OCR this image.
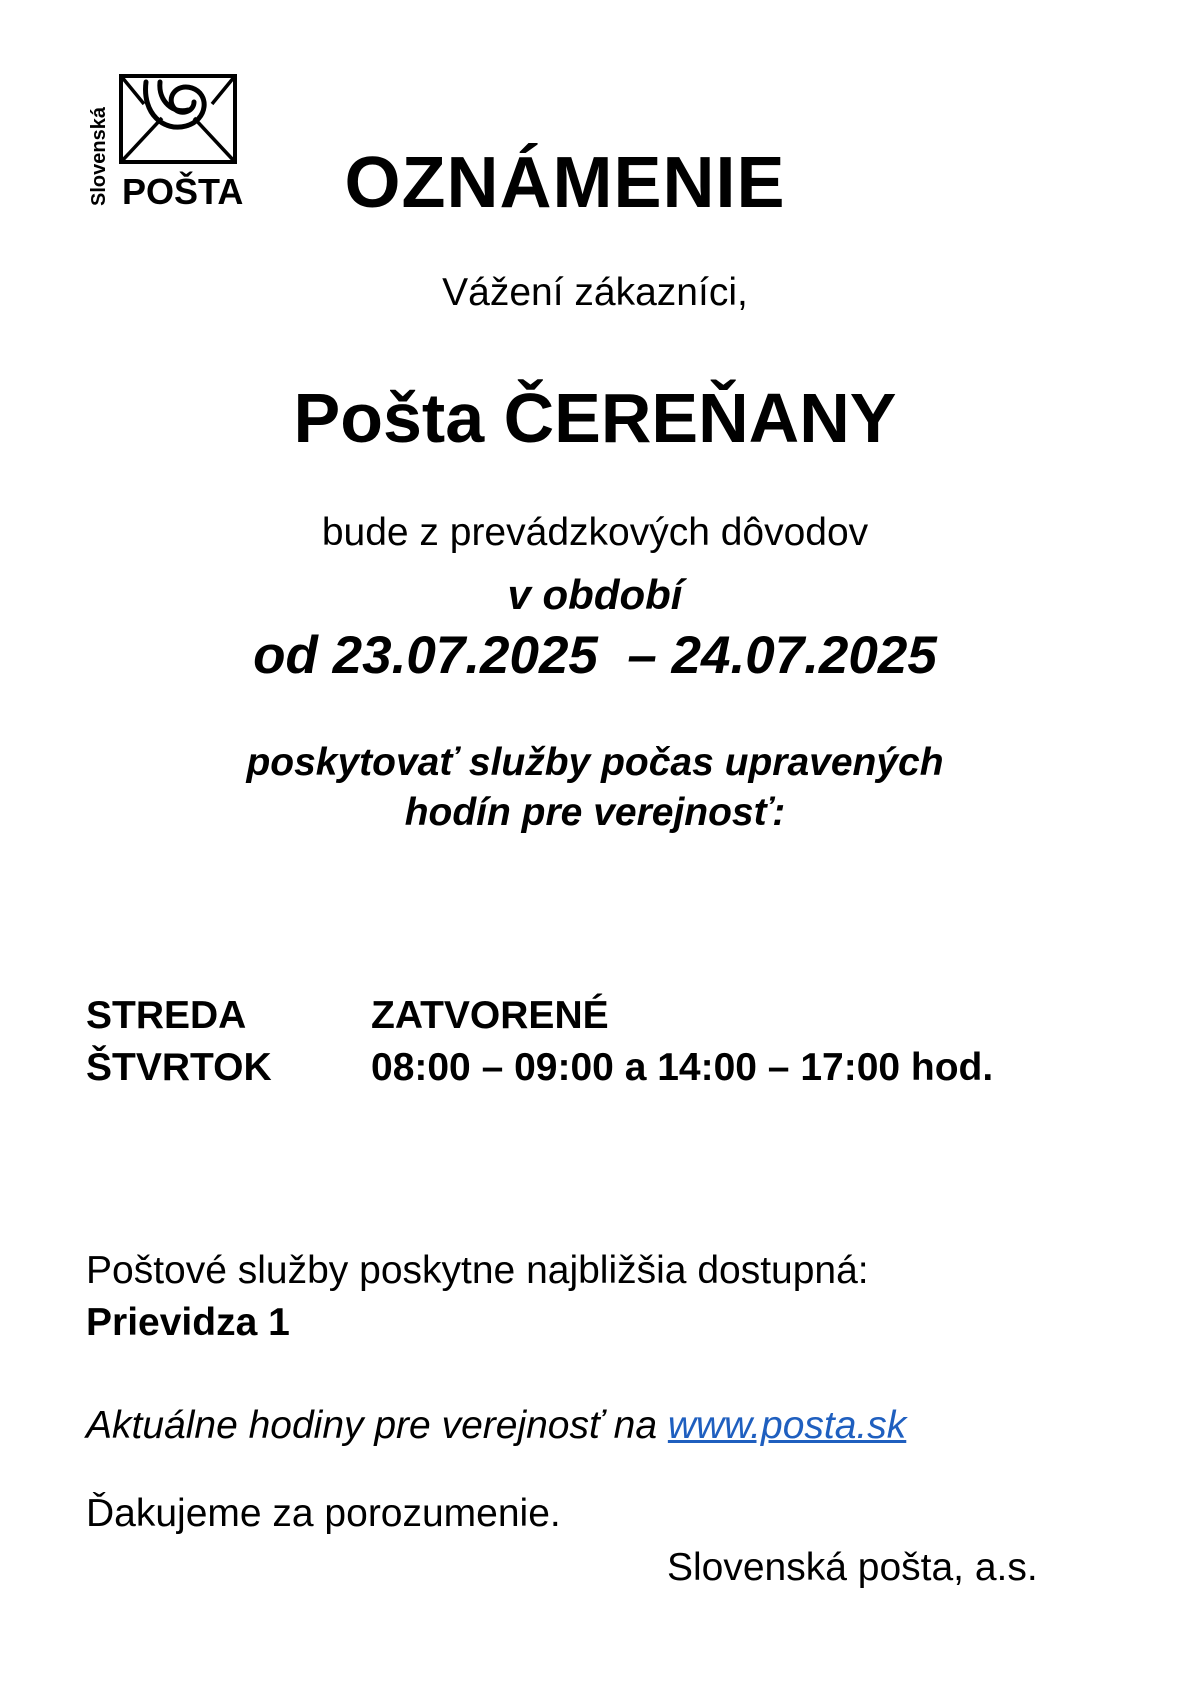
Slovenská POŠTA	OZNÁMENIE
Vážení zákazníci,
Pošta ČEREŇANY
bude z prevádzkových dôvodov
v období
od 23.07.2025  – 24.07.2025
poskytovať služby počas upravených
hodín pre verejnosť:
STREDA	ZATVORENÉ
ŠTVRTOK	08:00 – 09:00 a 14:00 – 17:00 hod.
Poštové služby poskytne najbližšia dostupná:
Prievidza 1
Aktuálne hodiny pre verejnosť na www.posta.sk
Ďakujeme za porozumenie.
Slovenská pošta, a.s.
